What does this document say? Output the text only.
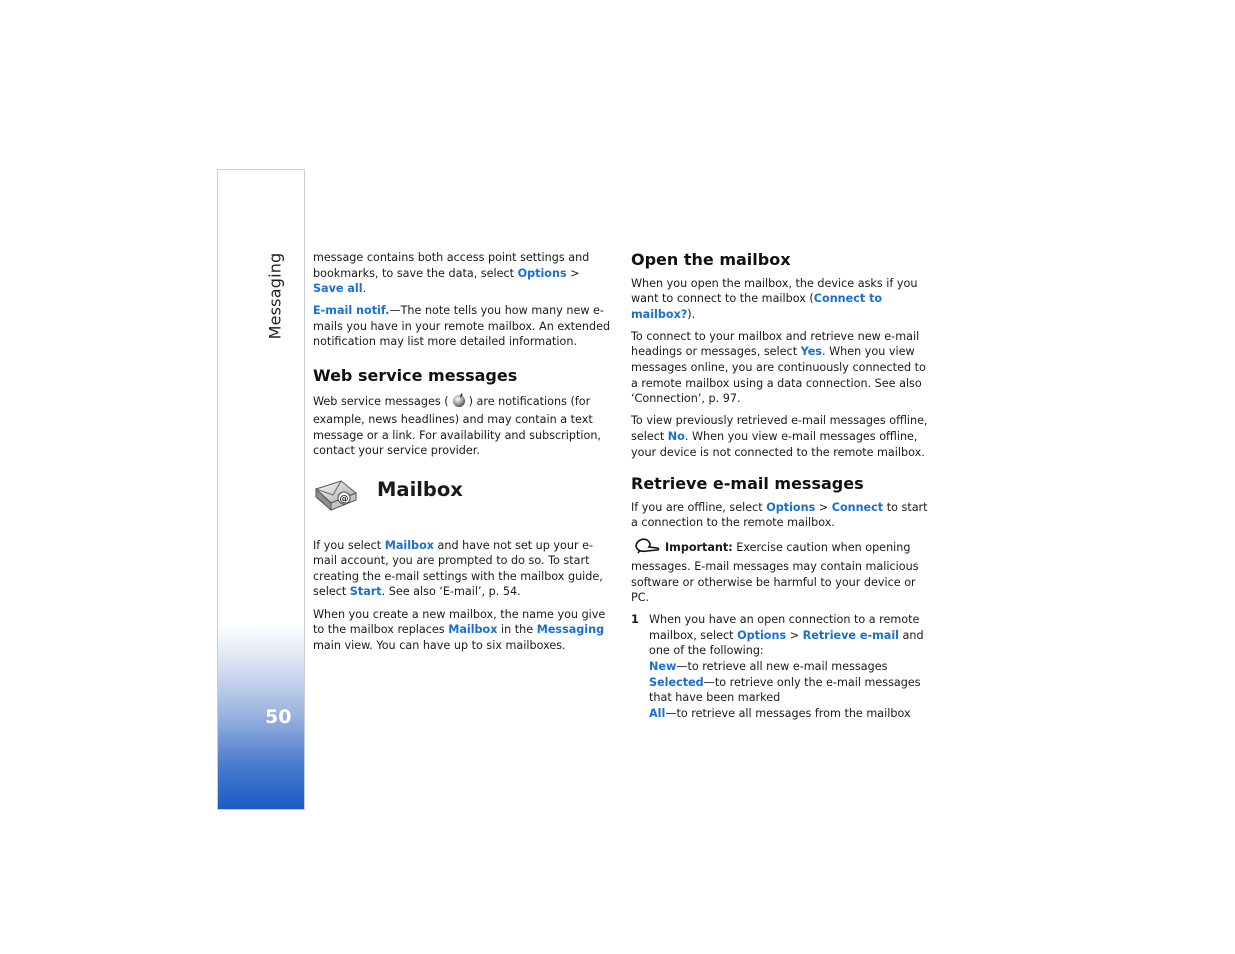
Messaging
50

message contains both access point settings and bookmarks, to save the data, select Options > Save all.

E-mail notif.—The note tells you how many new e-mails you have in your remote mailbox. An extended notification may list more detailed information.

Web service messages

Web service messages ( ) are notifications (for example, news headlines) and may contain a text message or a link. For availability and subscription, contact your service provider.

@ Mailbox

If you select Mailbox and have not set up your e-mail account, you are prompted to do so. To start creating the e-mail settings with the mailbox guide, select Start. See also ‘E-mail’, p. 54.

When you create a new mailbox, the name you give to the mailbox replaces Mailbox in the Messaging main view. You can have up to six mailboxes.

Open the mailbox

When you open the mailbox, the device asks if you want to connect to the mailbox (Connect to mailbox?).

To connect to your mailbox and retrieve new e-mail headings or messages, select Yes. When you view messages online, you are continuously connected to a remote mailbox using a data connection. See also ‘Connection’, p. 97.

To view previously retrieved e-mail messages offline, select No. When you view e-mail messages offline, your device is not connected to the remote mailbox.

Retrieve e-mail messages

If you are offline, select Options > Connect to start a connection to the remote mailbox.

Important: Exercise caution when opening messages. E-mail messages may contain malicious software or otherwise be harmful to your device or PC.

1 When you have an open connection to a remote mailbox, select Options > Retrieve e-mail and one of the following:
New—to retrieve all new e-mail messages
Selected—to retrieve only the e-mail messages that have been marked
All—to retrieve all messages from the mailbox
